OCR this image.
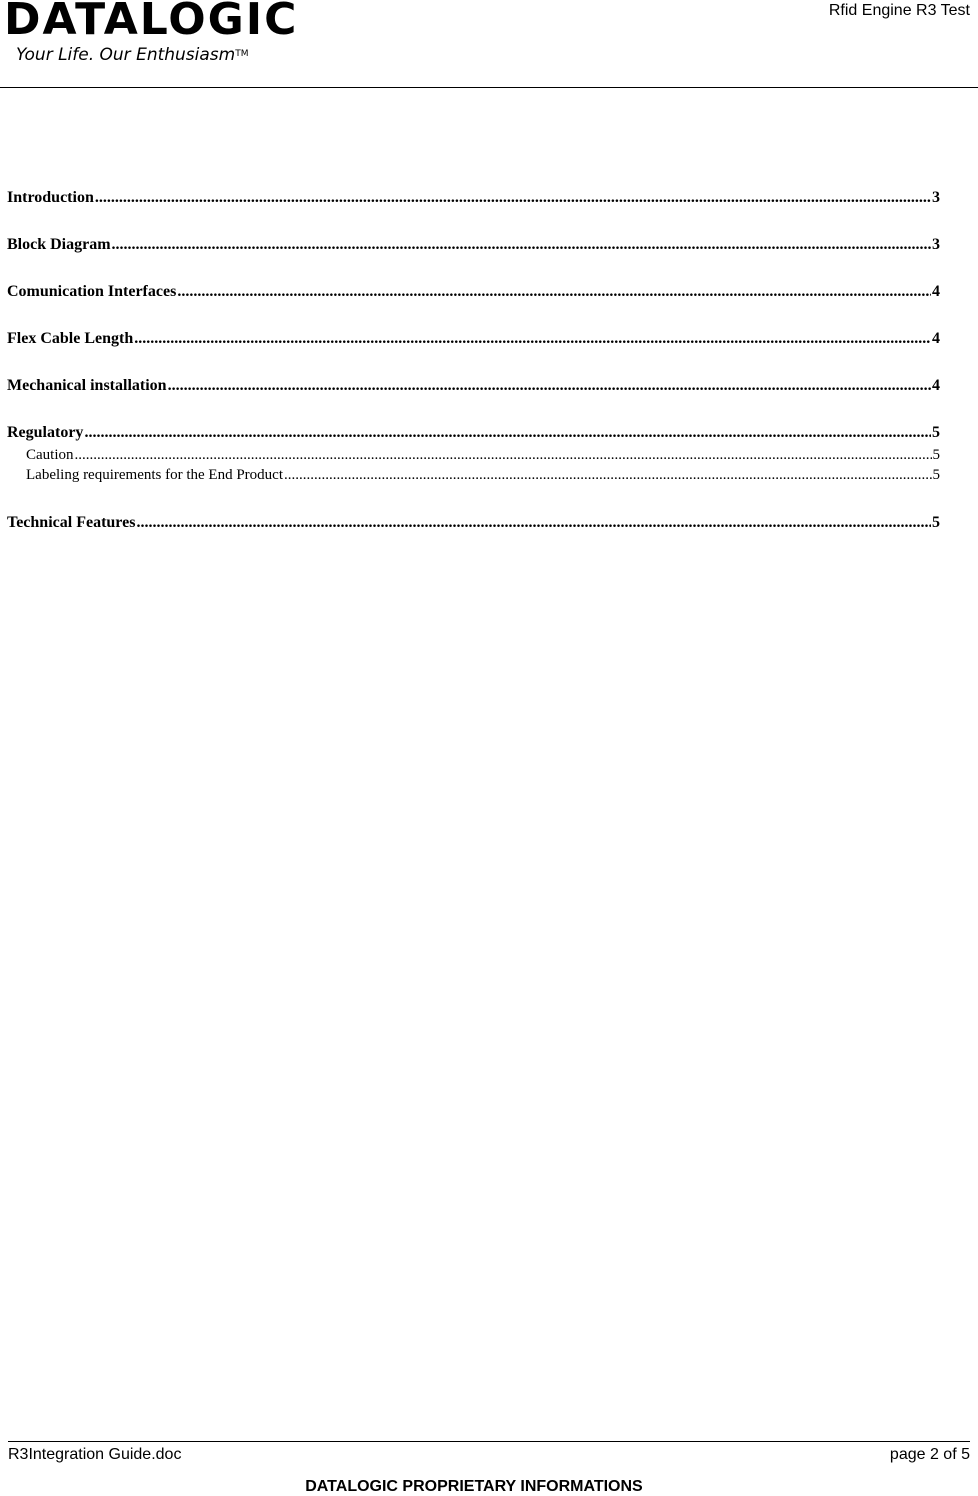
DATALOGIC
Your Life. Our Enthusiasm™
Rfid Engine R3 Test
Introduction .....	3
Block Diagram .....	3
Comunication Interfaces .....	4
Flex Cable Length .....	4
Mechanical installation .....	4
Regulatory .....	5
Caution .....	5
Labeling requirements for the End Product .....	5
Technical Features .....	5
R3Integration Guide.doc	page 2 of 5
DATALOGIC PROPRIETARY INFORMATIONS
